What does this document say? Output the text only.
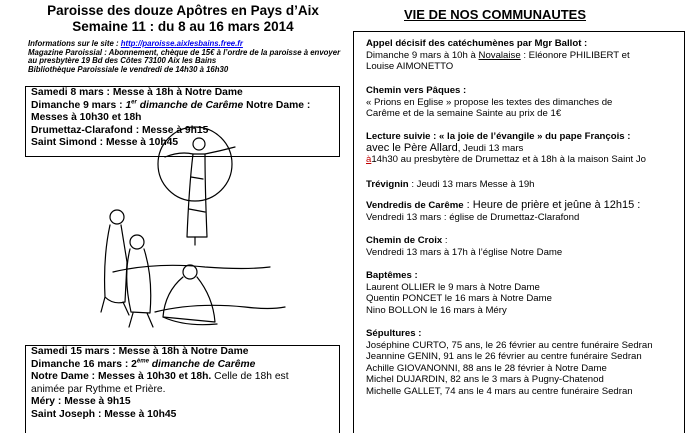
Paroisse des douze Apôtres en Pays d’Aix
Semaine 11 : du 8 au 16 mars 2014
Informations sur le site : http://paroisse.aixlesbains.free.fr
Magazine Paroissial : Abonnement, chèque de 15€ à l’ordre de la paroisse à envoyer
au presbytère 19 Bd des Côtes 73100 Aix les Bains
Bibliothèque Paroissiale le vendredi de 14h30 à 16h30
Samedi 8 mars : Messe à 18h à Notre Dame
Dimanche 9 mars : 1er dimanche de Carême Notre Dame :
Messes à 10h30 et 18h
Drumettaz-Clarafond : Messe à 9h15
Saint Simond : Messe à 10h45
Samedi 15 mars : Messe à 18h à Notre Dame
Dimanche 16 mars : 2ème dimanche de Carême
Notre Dame : Messes à 10h30 et 18h. Celle de 18h est
animée par Rythme et Prière.
Méry : Messe à 9h15
Saint Joseph : Messe à 10h45
VIE DE NOS COMMUNAUTES
Appel décisif des catéchumènes par Mgr Ballot :
Dimanche 9 mars à 10h à Novalaise : Eléonore PHILIBERT et
Louise AIMONETTO
Chemin vers Pâques :
« Prions en Eglise » propose les textes des dimanches de
Carême et de la semaine Sainte au prix de 1€
Lecture suivie : « la joie de l’évangile » du pape François :
avec le Père Allard, Jeudi 13 mars
à14h30 au presbytère de Drumettaz et à 18h à la maison Saint Jo
Trévignin : Jeudi 13 mars Messe à 19h
Vendredis de Carême : Heure de prière et jeûne à 12h15 :
Vendredi 13 mars : église de Drumettaz-Clarafond
Chemin de Croix :
Vendredi 13 mars à 17h à l’église Notre Dame
Baptêmes :
Laurent OLLIER le 9 mars à Notre Dame
Quentin PONCET le 16 mars à Notre Dame
Nino BOLLON le 16 mars à Méry
Sépultures :
Joséphine CURTO, 75 ans, le 26 février au centre funéraire Sedran
Jeannine GENIN, 91 ans le 26 février au centre funéraire Sedran
Achille GIOVANONNI, 88 ans le 28 février à Notre Dame
Michel DUJARDIN, 82 ans le 3 mars à Pugny-Chatenod
Michelle GALLET, 74 ans le 4 mars au centre funéraire Sedran
